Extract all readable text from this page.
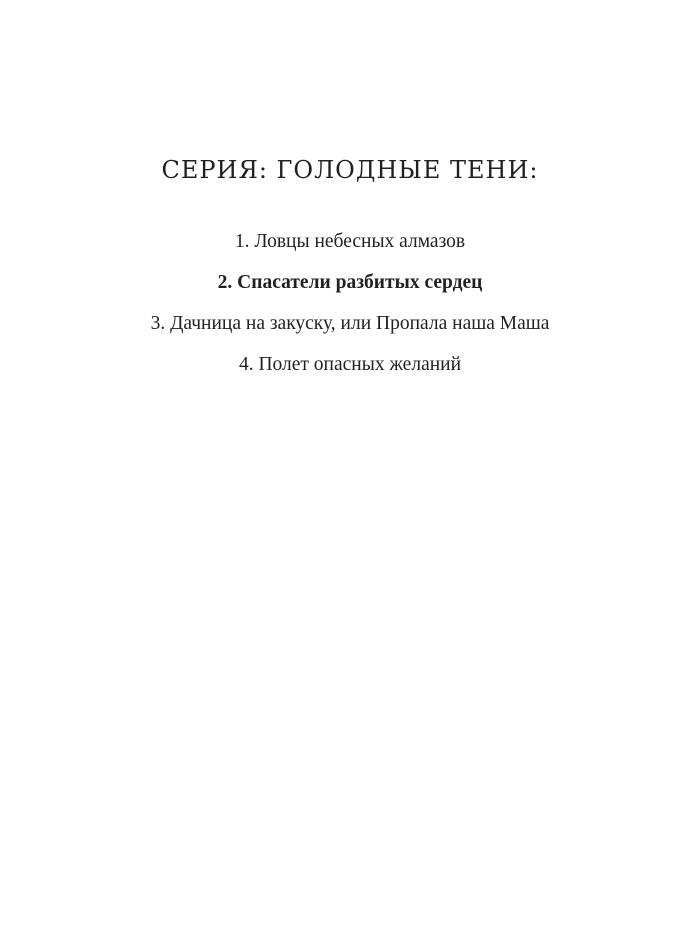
СЕРИЯ: ГОЛОДНЫЕ ТЕНИ:
1. Ловцы небесных алмазов
2. Спасатели разбитых сердец
3. Дачница на закуску, или Пропала наша Маша
4. Полет опасных желаний
